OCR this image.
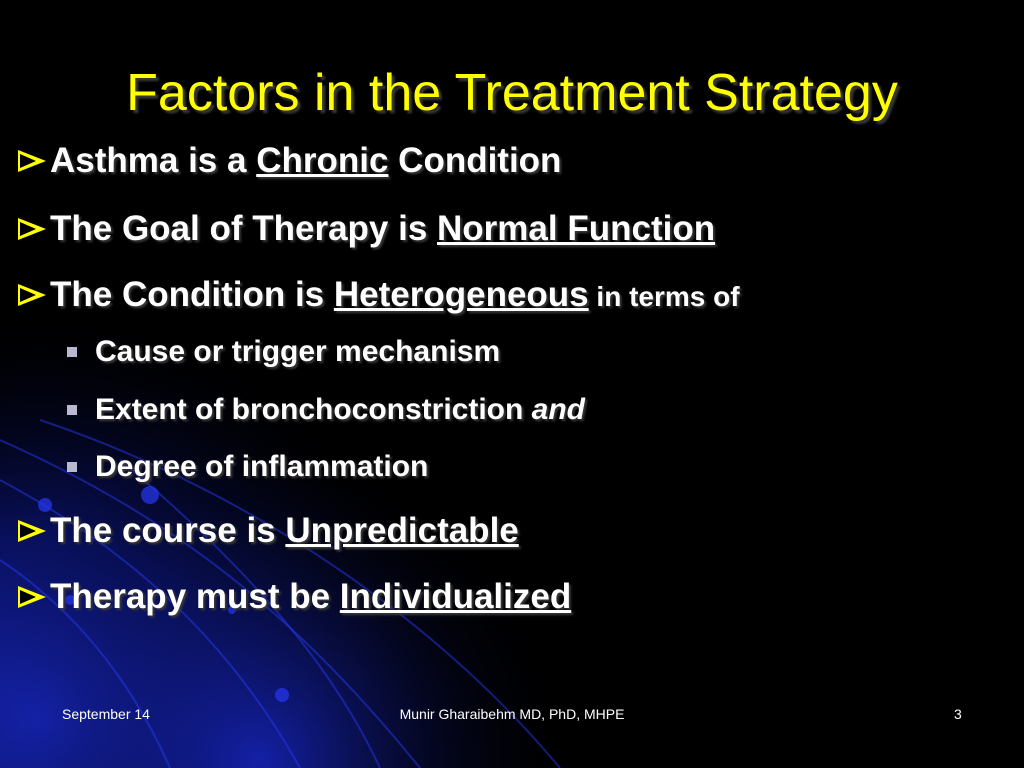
Factors in the Treatment Strategy
Asthma is a Chronic Condition
The Goal of Therapy is Normal Function
The Condition is Heterogeneous in terms of
Cause or trigger mechanism
Extent of bronchoconstriction and
Degree of inflammation
The course is Unpredictable
Therapy must be Individualized
September 14	Munir Gharaibehm MD, PhD, MHPE	3
